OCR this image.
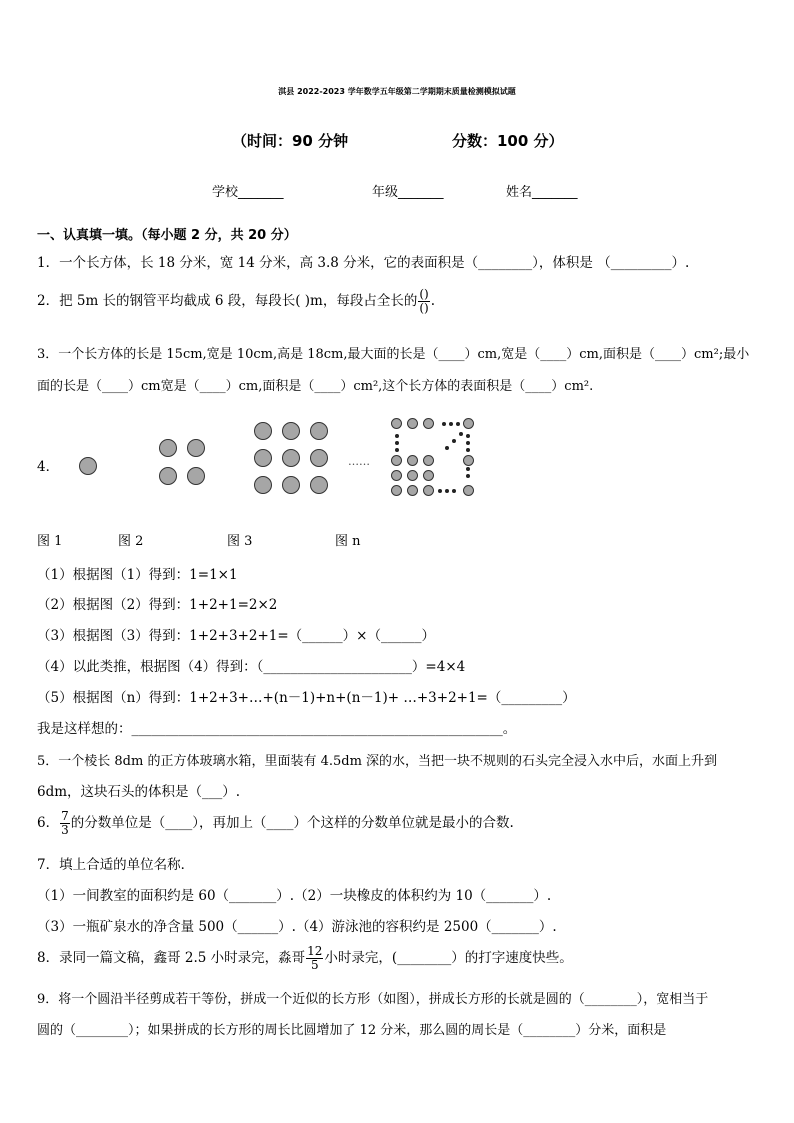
淇县 2022-2023 学年数学五年级第二学期期末质量检测模拟试题
（时间：90 分钟	分数：100 分）
学校_______	年级_______	姓名_______
一、认真填一填。（每小题 2 分，共 20 分）
1．一个长方体，长 18 分米，宽 14 分米，高 3.8 分米，它的表面积是（________），体积是 （_________）.
2．把 5m 长的钢管平均截成 6 段，每段长( )m，每段占全长的 $\frac{()}{()}$ .
3．一个长方体的长是 15cm,宽是 10cm,高是 18cm,最大面的长是（____）cm,宽是（____）cm,面积是（____）cm²;最小
面的长是（____）cm宽是（____）cm,面积是（____）cm²,这个长方体的表面积是（____）cm².
4．	……
图 1	图 2	图 3	图 n
（1）根据图（1）得到：1=1×1
（2）根据图（2）得到：1+2+1=2×2
（3）根据图（3）得到：1+2+3+2+1=（______）×（______）
（4）以此类推，根据图（4）得到：（______________________）=4×4
（5）根据图（n）得到：1+2+3+…+(n－1)+n+(n－1)+ …+3+2+1=（_________）
我是这样想的：_______________________________________________________。
5．一个棱长 8dm 的正方体玻璃水箱，里面装有 4.5dm 深的水，当把一块不规则的石头完全浸入水中后，水面上升到
6dm，这块石头的体积是（___）.
6． $\frac{7}{3}$ 的分数单位是（____），再加上（____）个这样的分数单位就是最小的合数.
7．填上合适的单位名称．
（1）一间教室的面积约是 60（_______）.（2）一块橡皮的体积约为 10（_______）.
（3）一瓶矿泉水的净含量 500（______）.（4）游泳池的容积约是 2500（_______）.
8．录同一篇文稿，鑫哥 2.5 小时录完，淼哥 $\frac{12}{5}$ 小时录完，(________）的打字速度快些。
9．将一个圆沿半径剪成若干等份，拼成一个近似的长方形（如图），拼成长方形的长就是圆的（________），宽相当于
圆的（________）；如果拼成的长方形的周长比圆增加了 12 分米，那么圆的周长是（________）分米，面积是
